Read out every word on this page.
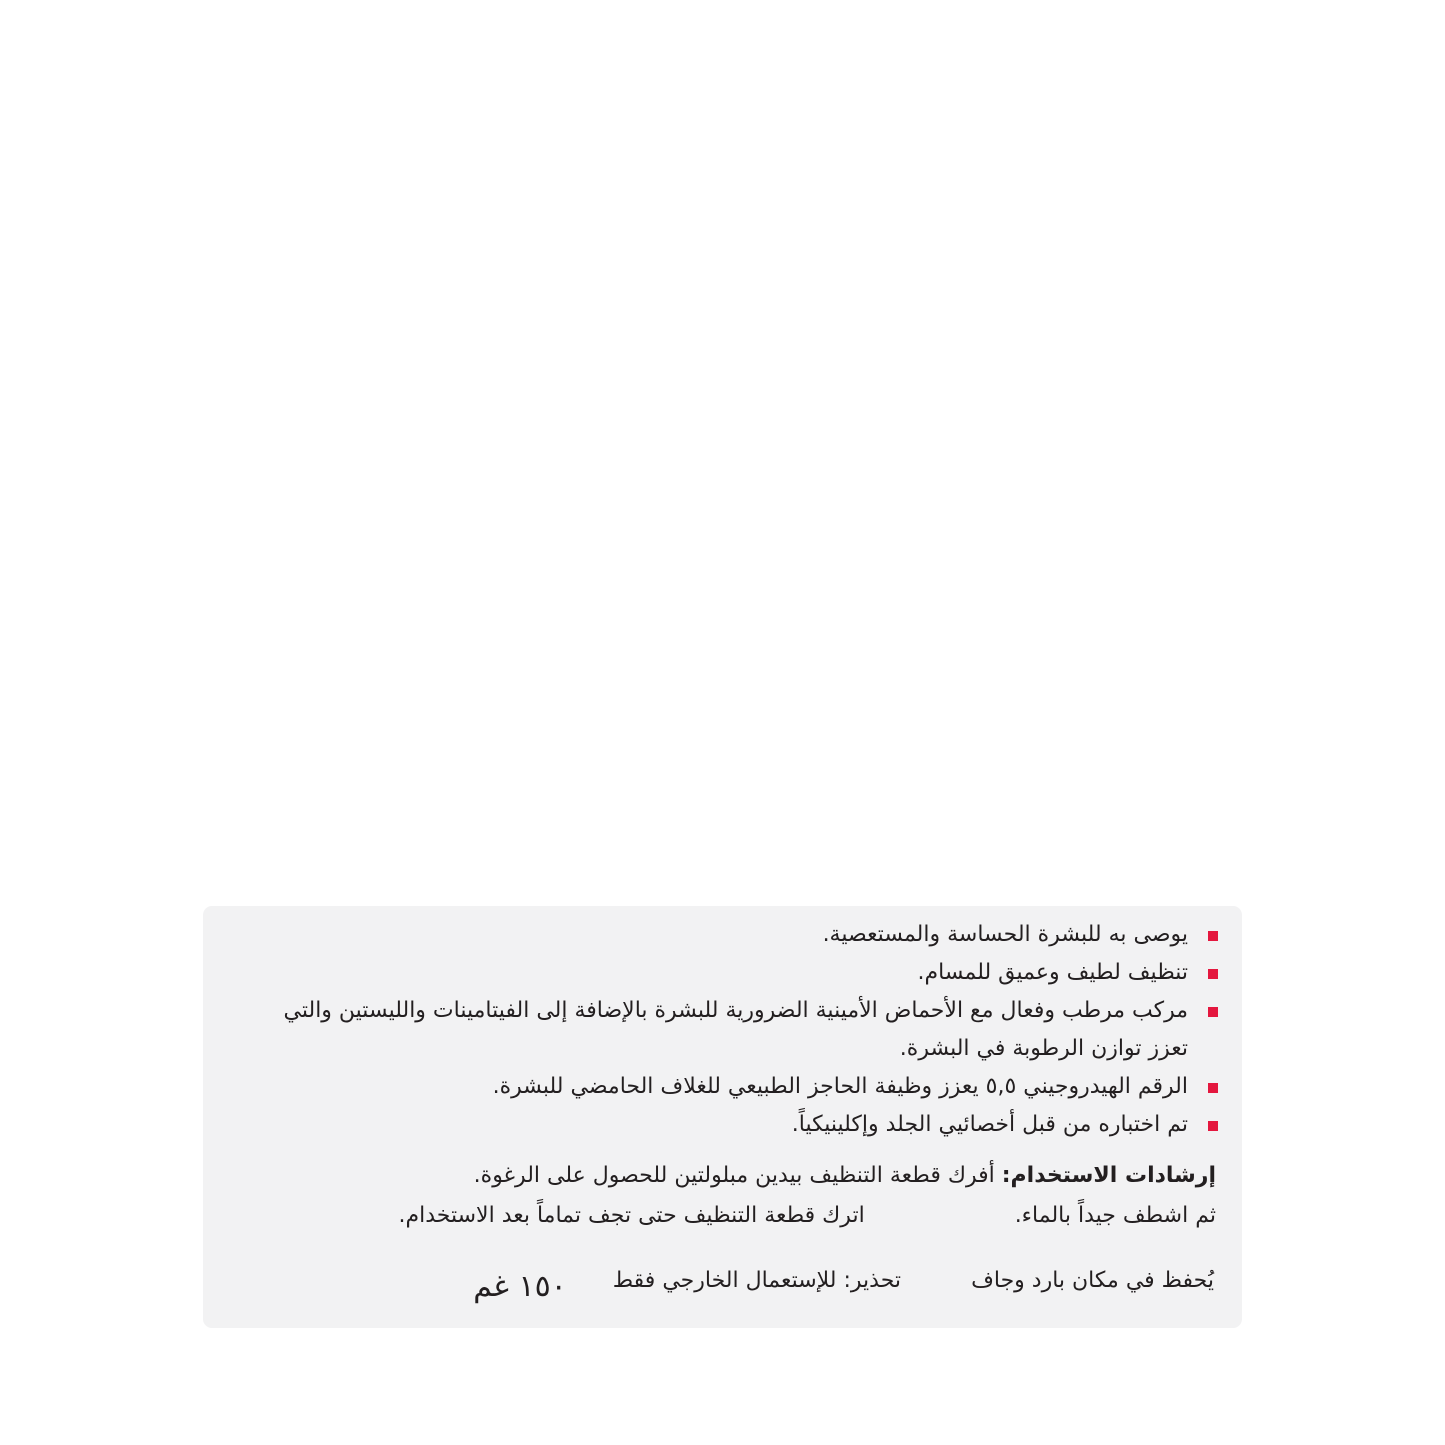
يوصى به للبشرة الحساسة والمستعصية.
تنظيف لطيف وعميق للمسام.
مركب مرطب وفعال مع الأحماض الأمينية الضرورية للبشرة بالإضافة إلى الفيتامينات والليستين والتي تعزز توازن الرطوبة في البشرة.
الرقم الهيدروجيني ٥,٥ يعزز وظيفة الحاجز الطبيعي للغلاف الحامضي للبشرة.
تم اختباره من قبل أخصائيي الجلد وإكلينيكياً.
إرشادات الاستخدام: أفرك قطعة التنظيف بيدين مبلولتين للحصول على الرغوة.
ثم اشطف جيداً بالماء.
اترك قطعة التنظيف حتى تجف تماماً بعد الاستخدام.
يُحفظ في مكان بارد وجاف
تحذير: للإستعمال الخارجي فقط
١٥٠ غم
